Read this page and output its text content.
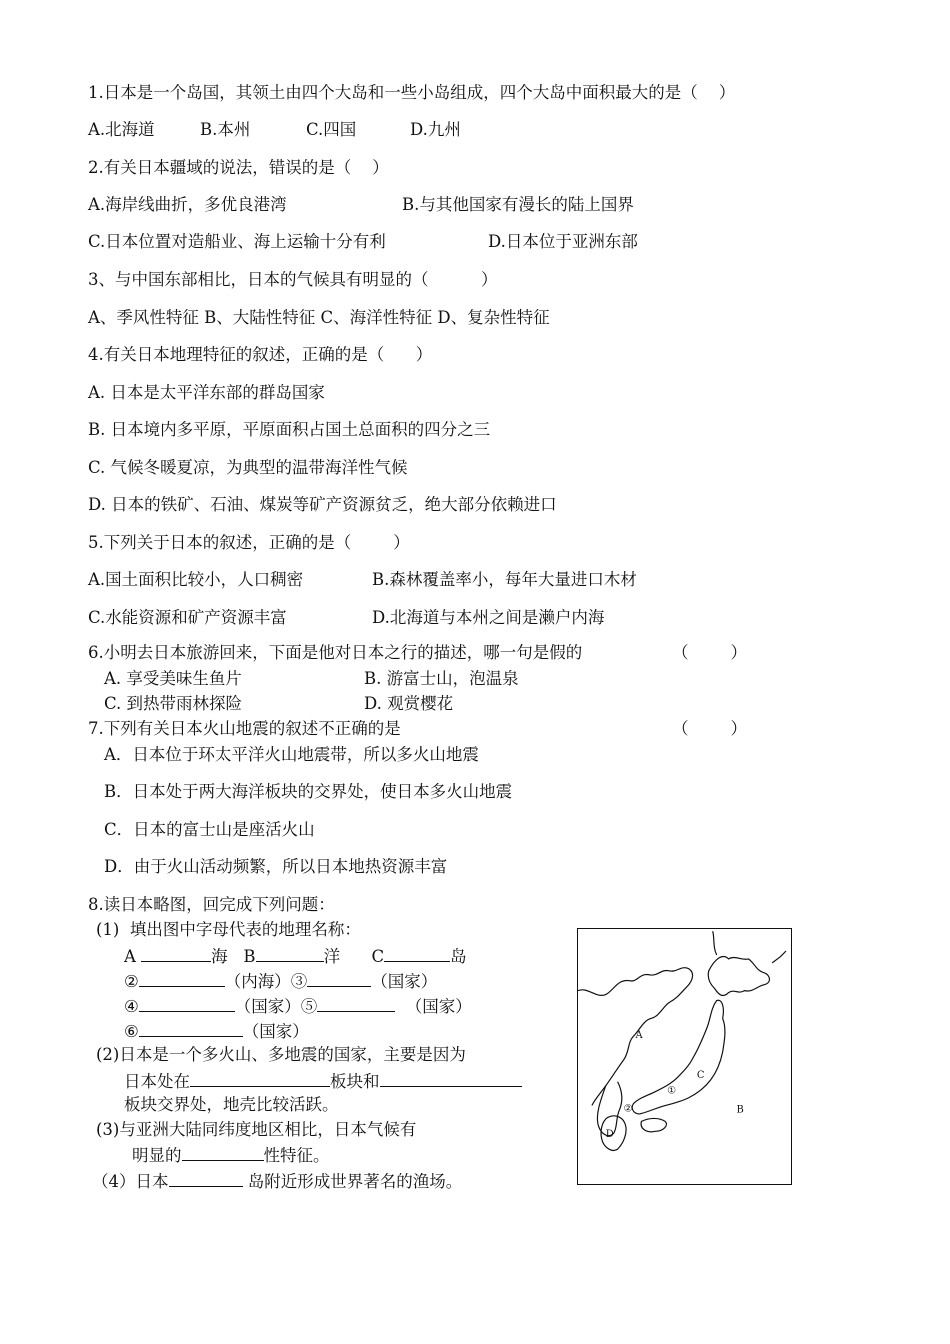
1.日本是一个岛国，其领土由四个大岛和一些小岛组成，四个大岛中面积最大的是（    ）
A.北海道	B.本州	C.四国	D.九州
2.有关日本疆域的说法，错误的是（    ）
A.海岸线曲折，多优良港湾	B.与其他国家有漫长的陆上国界
C.日本位置对造船业、海上运输十分有利	D.日本位于亚洲东部
3、与中国东部相比，日本的气候具有明显的（          ）
A、季风性特征 B、大陆性特征 C、海洋性特征 D、复杂性特征
4.有关日本地理特征的叙述，正确的是（      ）
A. 日本是太平洋东部的群岛国家
B. 日本境内多平原，平原面积占国土总面积的四分之三
C. 气候冬暖夏凉，为典型的温带海洋性气候
D. 日本的铁矿、石油、煤炭等矿产资源贫乏，绝大部分依赖进口
5.下列关于日本的叙述，正确的是（        ）
A.国土面积比较小，人口稠密	B.森林覆盖率小，每年大量进口木材
C.水能资源和矿产资源丰富	D.北海道与本州之间是濑户内海
6.小明去日本旅游回来，下面是他对日本之行的描述，哪一句是假的	（        ）
A. 享受美味生鱼片	B. 游富士山，泡温泉
C. 到热带雨林探险	D. 观赏樱花
7.下列有关日本火山地震的叙述不正确的是	（        ）
A．日本位于环太平洋火山地震带，所以多火山地震
B．日本处于两大海洋板块的交界处，使日本多火山地震
C．日本的富士山是座活火山
D．由于火山活动频繁，所以日本地热资源丰富
8.读日本略图，回完成下列问题：
(1)  填出图中字母代表的地理名称：
A	海 B	洋 C	岛
②	（内海）③	（国家）
④	（国家）⑤	（国家）
⑥	（国家）
(2)日本是一个多火山、多地震的国家，主要是因为
日本处在	板块和
板块交界处，地壳比较活跃。
(3)与亚洲大陆同纬度地区相比，日本气候有
明显的	性特征。
（4）日本	岛附近形成世界著名的渔场。
A
B
C
D
①
②
